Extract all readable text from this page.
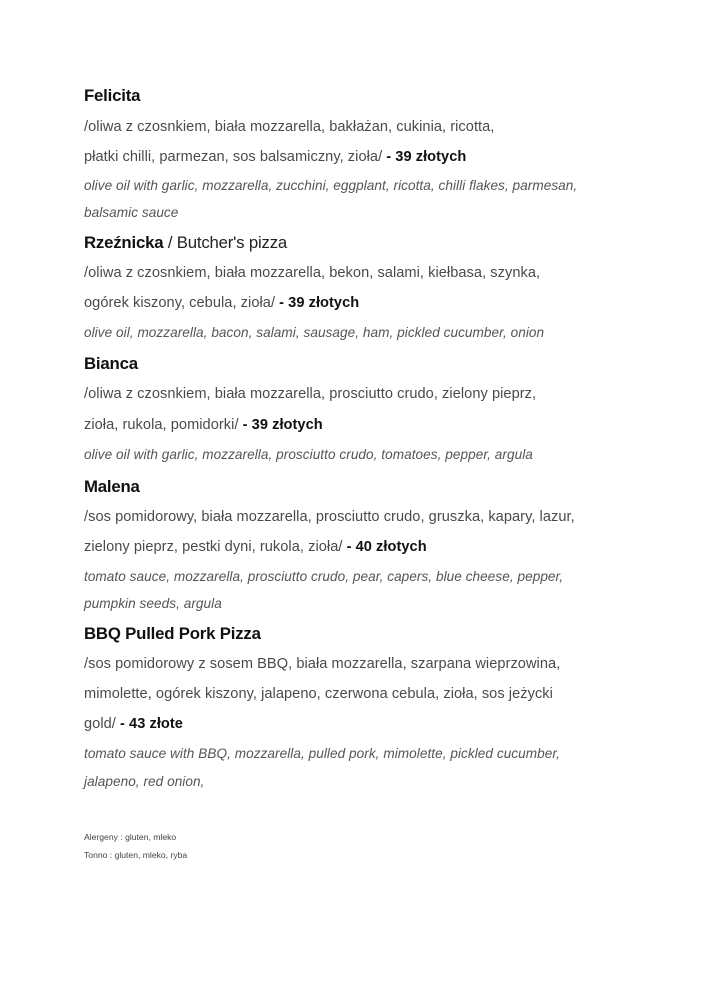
Felicita
/oliwa z czosnkiem, biała mozzarella, bakłażan, cukinia, ricotta,
płatki chilli, parmezan, sos balsamiczny, zioła/ - 39 złotych
olive oil with garlic, mozzarella, zucchini, eggplant, ricotta, chilli flakes, parmesan,
balsamic sauce
Rzeźnicka / Butcher's pizza
/oliwa z czosnkiem, biała mozzarella, bekon, salami, kiełbasa, szynka,
ogórek kiszony, cebula, zioła/ - 39 złotych
olive oil, mozzarella, bacon, salami, sausage, ham, pickled cucumber, onion
Bianca
/oliwa z czosnkiem, biała mozzarella, prosciutto crudo, zielony pieprz,
zioła, rukola, pomidorki/ - 39 złotych
olive oil with garlic, mozzarella, prosciutto crudo, tomatoes, pepper, argula
Malena
/sos pomidorowy, biała mozzarella, prosciutto crudo, gruszka, kapary, lazur,
zielony pieprz, pestki dyni, rukola, zioła/ - 40 złotych
tomato sauce, mozzarella, prosciutto crudo, pear, capers, blue cheese, pepper,
pumpkin seeds, argula
BBQ Pulled Pork Pizza
/sos pomidorowy z sosem BBQ, biała mozzarella, szarpana wieprzowina,
mimolette, ogórek kiszony, jalapeno, czerwona cebula, zioła, sos jeżycki
gold/ - 43 złote
tomato sauce with BBQ, mozzarella, pulled pork, mimolette, pickled cucumber,
jalapeno, red onion,
Alergeny : gluten, mleko
Tonno : gluten, mleko, ryba
